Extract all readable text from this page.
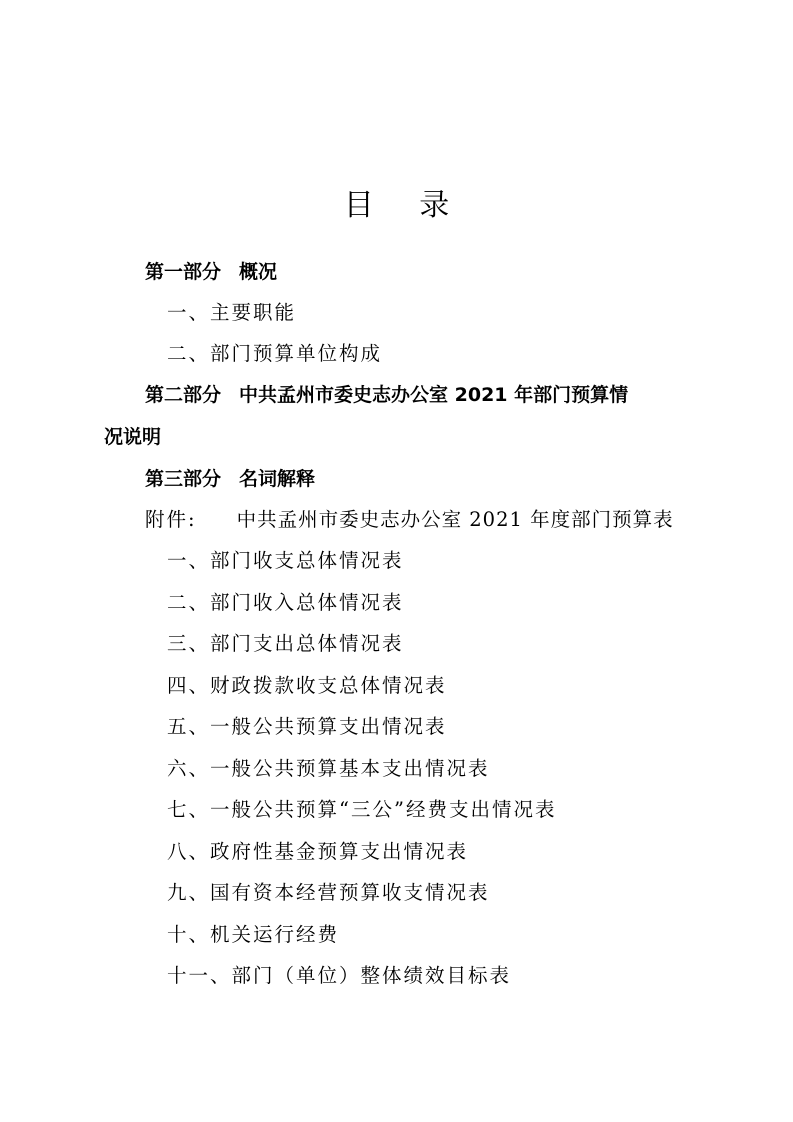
目 录
第一部分 概况
一、主要职能
二、部门预算单位构成
第二部分 中共孟州市委史志办公室 2021 年部门预算情
况说明
第三部分 名词解释
附件: 中共孟州市委史志办公室 2021 年度部门预算表
一、部门收支总体情况表
二、部门收入总体情况表
三、部门支出总体情况表
四、财政拨款收支总体情况表
五、一般公共预算支出情况表
六、一般公共预算基本支出情况表
七、一般公共预算“三公”经费支出情况表
八、政府性基金预算支出情况表
九、国有资本经营预算收支情况表
十、机关运行经费
十一、部门（单位）整体绩效目标表
